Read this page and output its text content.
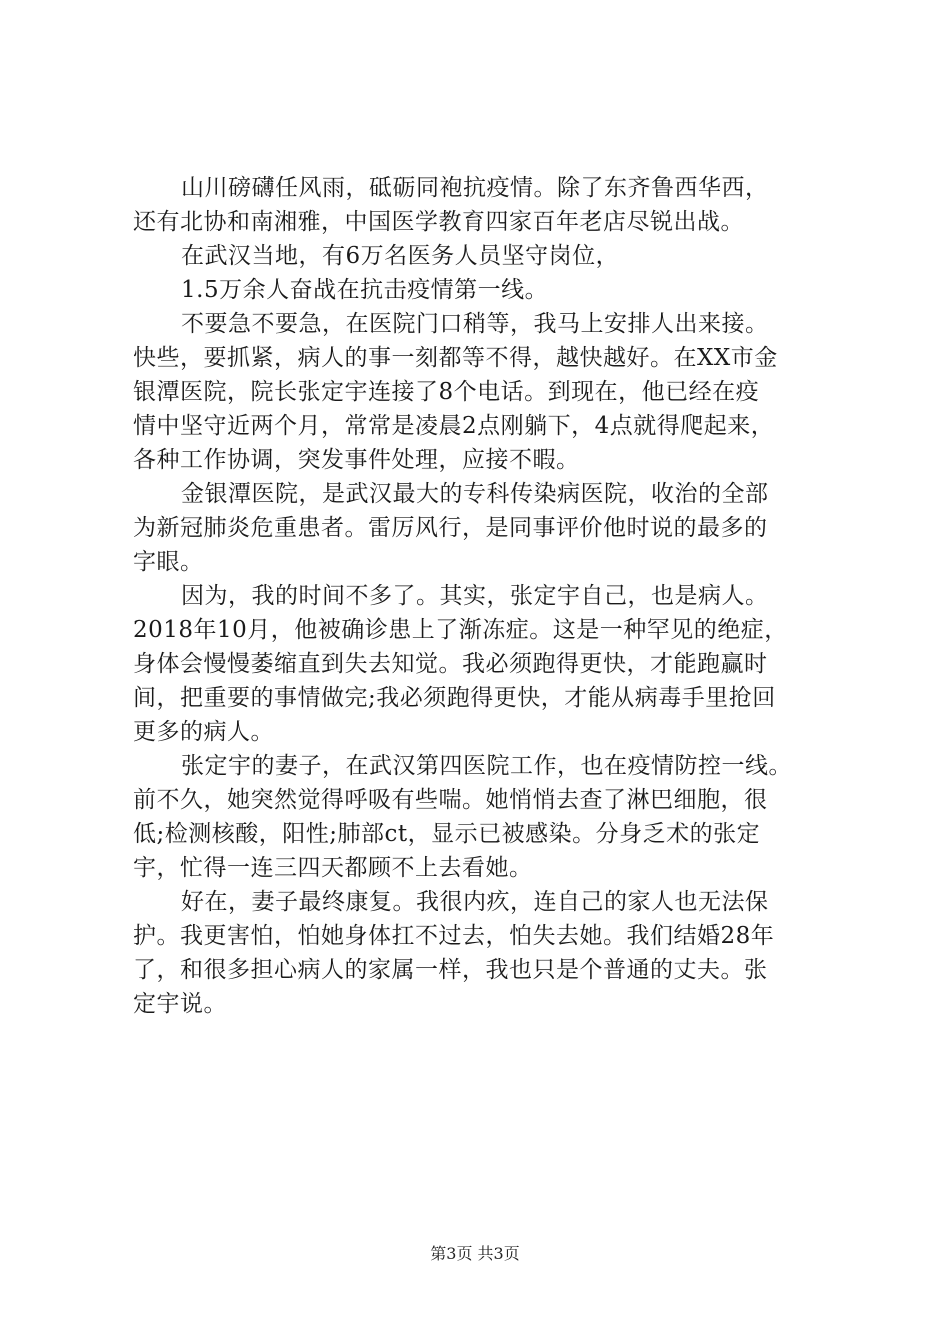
山川磅礴任风雨，砥砺同袍抗疫情。除了东齐鲁西华西，
还有北协和南湘雅，中国医学教育四家百年老店尽锐出战。

在武汉当地，有6万名医务人员坚守岗位，

1.5万余人奋战在抗击疫情第一线。

不要急不要急，在医院门口稍等，我马上安排人出来接。
快些，要抓紧，病人的事一刻都等不得，越快越好。在XX市金
银潭医院，院长张定宇连接了8个电话。到现在，他已经在疫
情中坚守近两个月，常常是凌晨2点刚躺下，4点就得爬起来，
各种工作协调，突发事件处理，应接不暇。

金银潭医院，是武汉最大的专科传染病医院，收治的全部
为新冠肺炎危重患者。雷厉风行，是同事评价他时说的最多的
字眼。

因为，我的时间不多了。其实，张定宇自己，也是病人。
2018年10月，他被确诊患上了渐冻症。这是一种罕见的绝症，
身体会慢慢萎缩直到失去知觉。我必须跑得更快，才能跑赢时
间，把重要的事情做完;我必须跑得更快，才能从病毒手里抢回
更多的病人。

张定宇的妻子，在武汉第四医院工作，也在疫情防控一线。
前不久，她突然觉得呼吸有些喘。她悄悄去查了淋巴细胞，很
低;检测核酸，阳性;肺部ct，显示已被感染。分身乏术的张定
宇，忙得一连三四天都顾不上去看她。

好在，妻子最终康复。我很内疚，连自己的家人也无法保
护。我更害怕，怕她身体扛不过去，怕失去她。我们结婚28年
了，和很多担心病人的家属一样，我也只是个普通的丈夫。张
定宇说。

第3页 共3页
